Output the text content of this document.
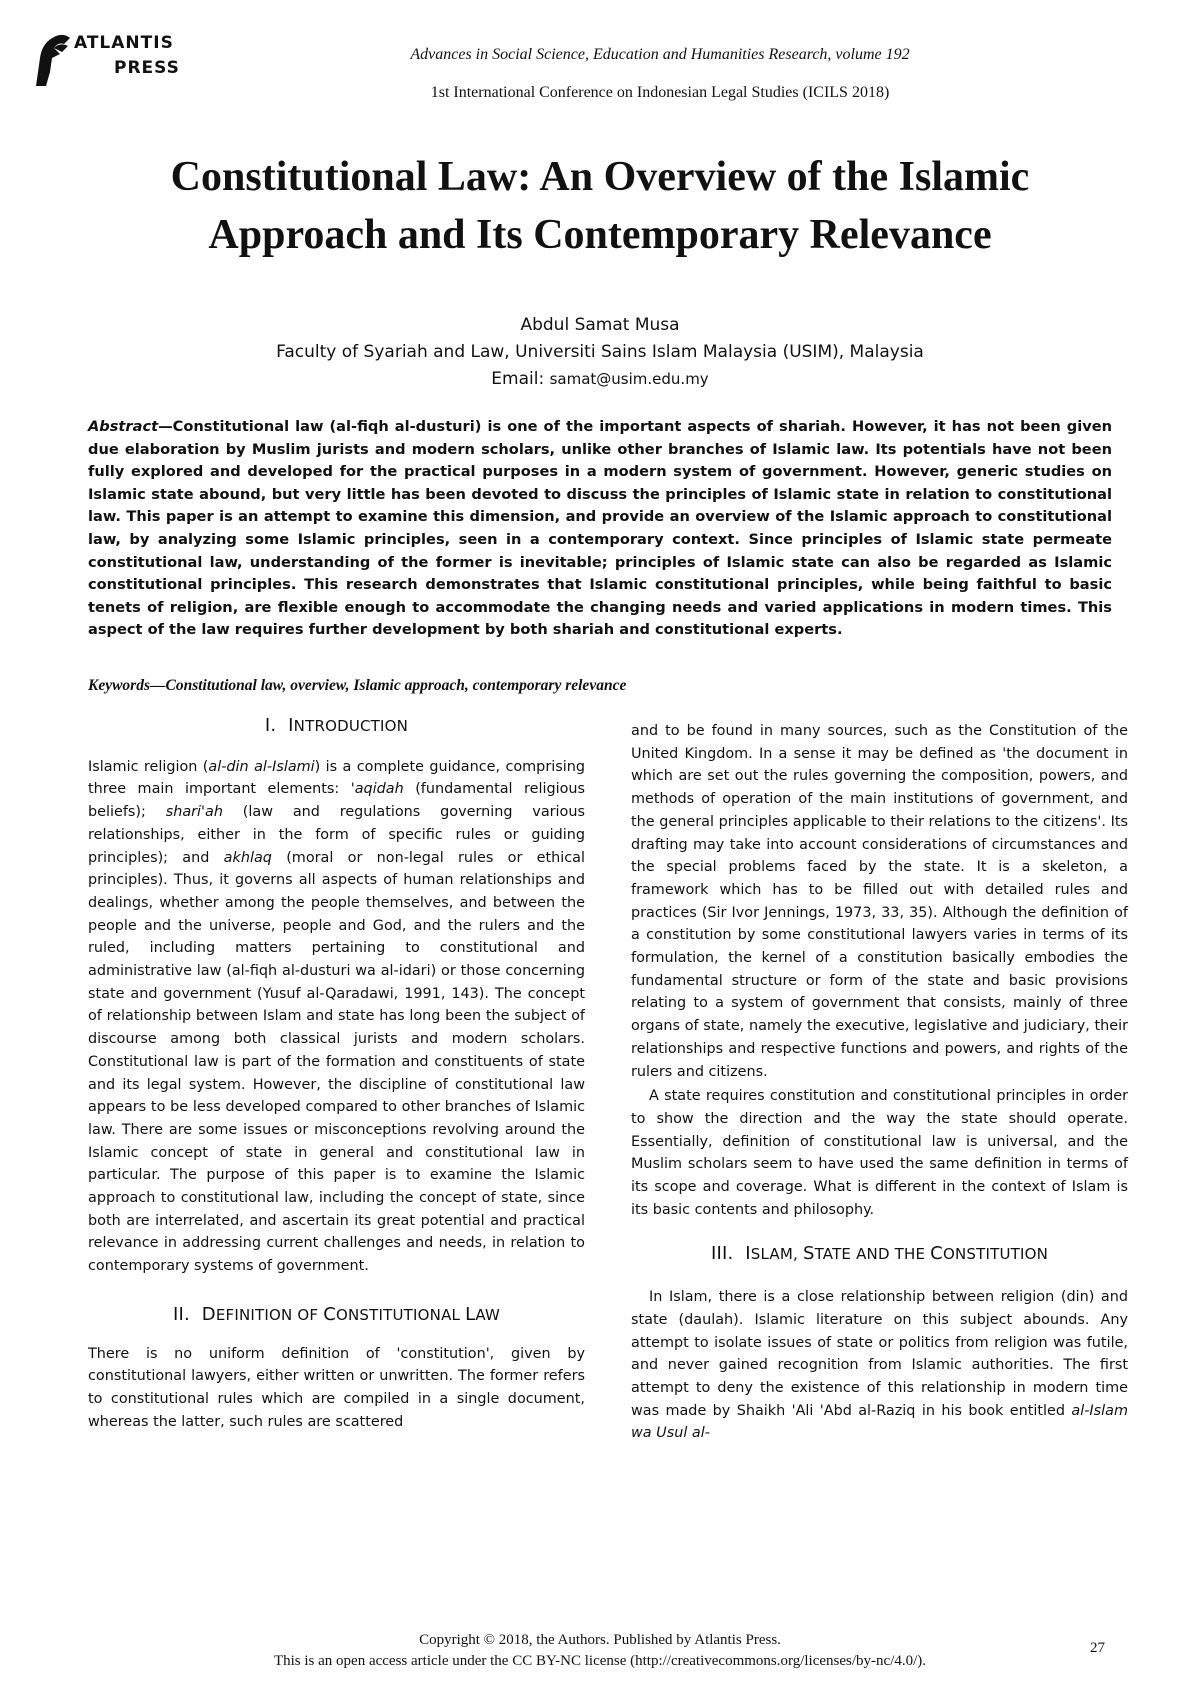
ATLANTIS
PRESS
Advances in Social Science, Education and Humanities Research, volume 192
1st International Conference on Indonesian Legal Studies (ICILS 2018)
Constitutional Law: An Overview of the Islamic
Approach and Its Contemporary Relevance
Abdul Samat Musa
Faculty of Syariah and Law, Universiti Sains Islam Malaysia (USIM), Malaysia
Email: samat@usim.edu.my
Abstract—Constitutional law (al-fiqh al-dusturi) is one of the important aspects of shariah. However, it has not been given due elaboration by Muslim jurists and modern scholars, unlike other branches of Islamic law. Its potentials have not been fully explored and developed for the practical purposes in a modern system of government. However, generic studies on Islamic state abound, but very little has been devoted to discuss the principles of Islamic state in relation to constitutional law. This paper is an attempt to examine this dimension, and provide an overview of the Islamic approach to constitutional law, by analyzing some Islamic principles, seen in a contemporary context. Since principles of Islamic state permeate constitutional law, understanding of the former is inevitable; principles of Islamic state can also be regarded as Islamic constitutional principles. This research demonstrates that Islamic constitutional principles, while being faithful to basic tenets of religion, are flexible enough to accommodate the changing needs and varied applications in modern times. This aspect of the law requires further development by both shariah and constitutional experts.
Keywords—Constitutional law, overview, Islamic approach, contemporary relevance
I. INTRODUCTION

Islamic religion (al-din al-Islami) is a complete guidance, comprising three main important elements: 'aqidah (fundamental religious beliefs); shari'ah (law and regulations governing various relationships, either in the form of specific rules or guiding principles); and akhlaq (moral or non-legal rules or ethical principles). Thus, it governs all aspects of human relationships and dealings, whether among the people themselves, and between the people and the universe, people and God, and the rulers and the ruled, including matters pertaining to constitutional and administrative law (al-fiqh al-dusturi wa al-idari) or those concerning state and government (Yusuf al-Qaradawi, 1991, 143). The concept of relationship between Islam and state has long been the subject of discourse among both classical jurists and modern scholars. Constitutional law is part of the formation and constituents of state and its legal system. However, the discipline of constitutional law appears to be less developed compared to other branches of Islamic law. There are some issues or misconceptions revolving around the Islamic concept of state in general and constitutional law in particular. The purpose of this paper is to examine the Islamic approach to constitutional law, including the concept of state, since both are interrelated, and ascertain its great potential and practical relevance in addressing current challenges and needs, in relation to contemporary systems of government.

II. DEFINITION OF CONSTITUTIONAL LAW

There is no uniform definition of 'constitution', given by constitutional lawyers, either written or unwritten. The former refers to constitutional rules which are compiled in a single document, whereas the latter, such rules are scattered

and to be found in many sources, such as the Constitution of the United Kingdom. In a sense it may be defined as 'the document in which are set out the rules governing the composition, powers, and methods of operation of the main institutions of government, and the general principles applicable to their relations to the citizens'. Its drafting may take into account considerations of circumstances and the special problems faced by the state. It is a skeleton, a framework which has to be filled out with detailed rules and practices (Sir Ivor Jennings, 1973, 33, 35). Although the definition of a constitution by some constitutional lawyers varies in terms of its formulation, the kernel of a constitution basically embodies the fundamental structure or form of the state and basic provisions relating to a system of government that consists, mainly of three organs of state, namely the executive, legislative and judiciary, their relationships and respective functions and powers, and rights of the rulers and citizens.

A state requires constitution and constitutional principles in order to show the direction and the way the state should operate. Essentially, definition of constitutional law is universal, and the Muslim scholars seem to have used the same definition in terms of its scope and coverage. What is different in the context of Islam is its basic contents and philosophy.

III. ISLAM, STATE AND THE CONSTITUTION

In Islam, there is a close relationship between religion (din) and state (daulah). Islamic literature on this subject abounds. Any attempt to isolate issues of state or politics from religion was futile, and never gained recognition from Islamic authorities. The first attempt to deny the existence of this relationship in modern time was made by Shaikh 'Ali 'Abd al-Raziq in his book entitled al-Islam wa Usul al-

Copyright © 2018, the Authors. Published by Atlantis Press.
This is an open access article under the CC BY-NC license (http://creativecommons.org/licenses/by-nc/4.0/).
27
